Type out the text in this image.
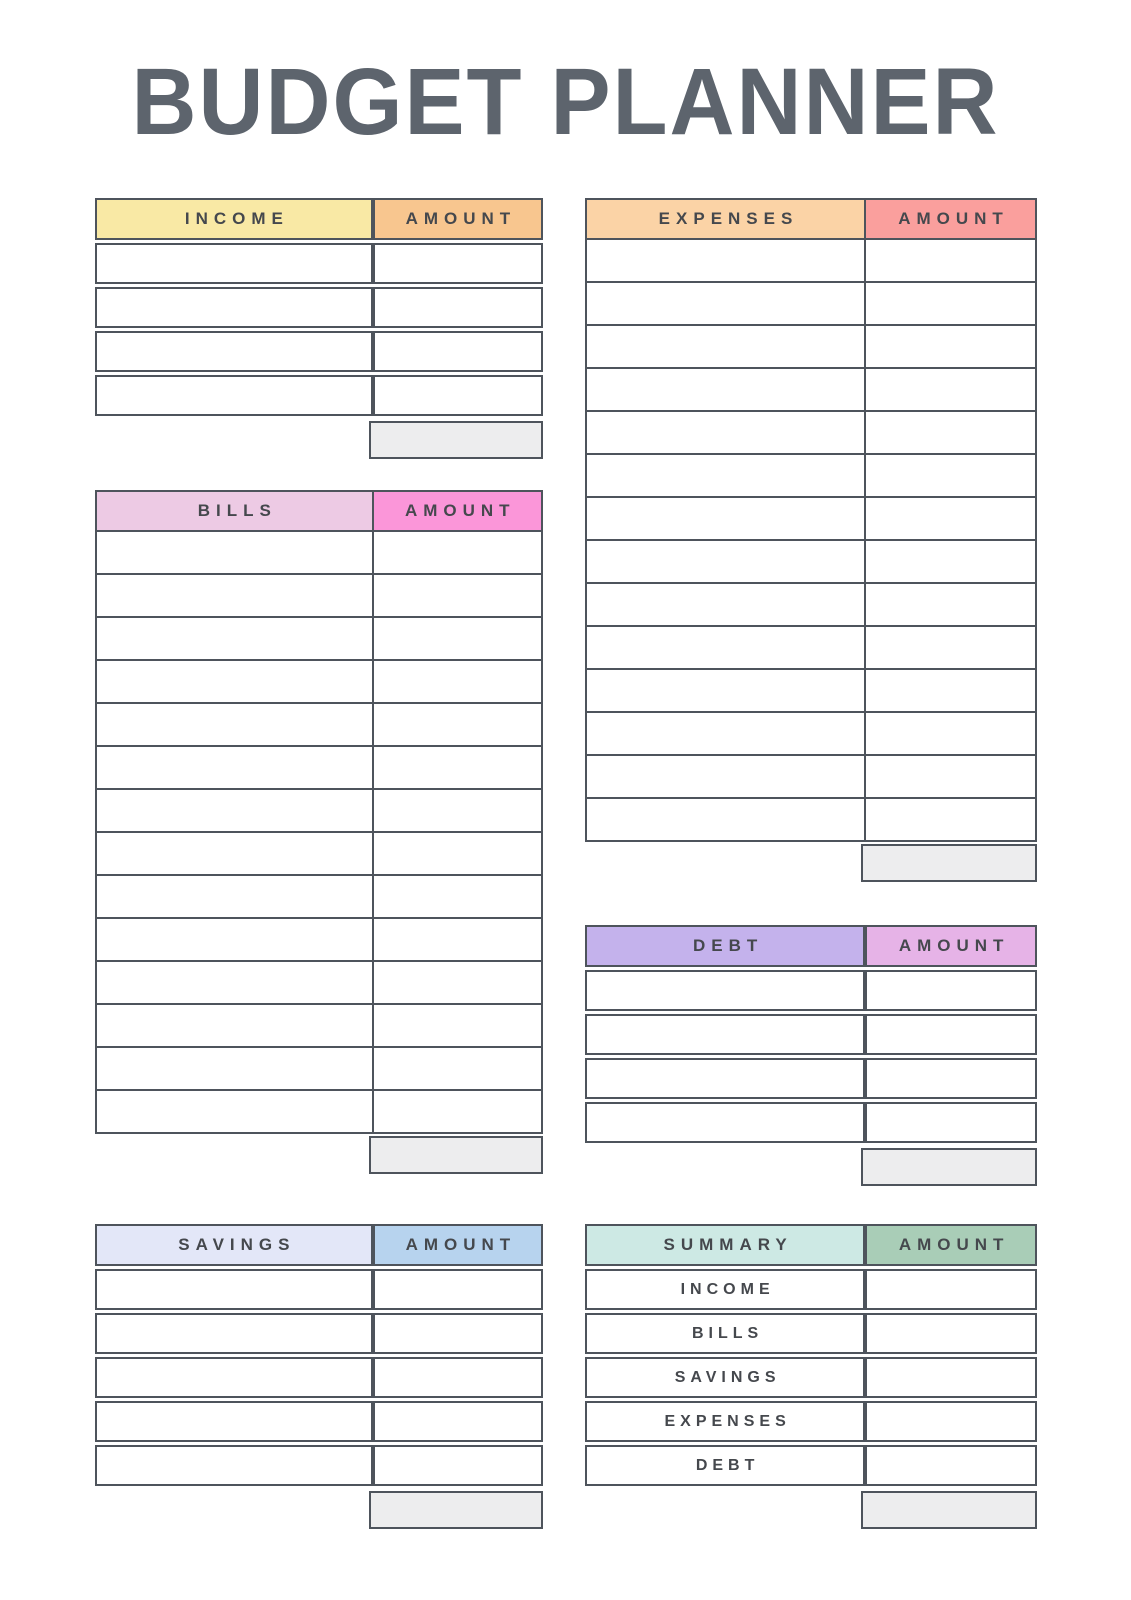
BUDGET PLANNER
INCOME	AMOUNT

BILLS	AMOUNT

SAVINGS	AMOUNT

EXPENSES	AMOUNT

DEBT	AMOUNT

SUMMARY	AMOUNT
INCOME	
BILLS	
SAVINGS	
EXPENSES	
DEBT	
